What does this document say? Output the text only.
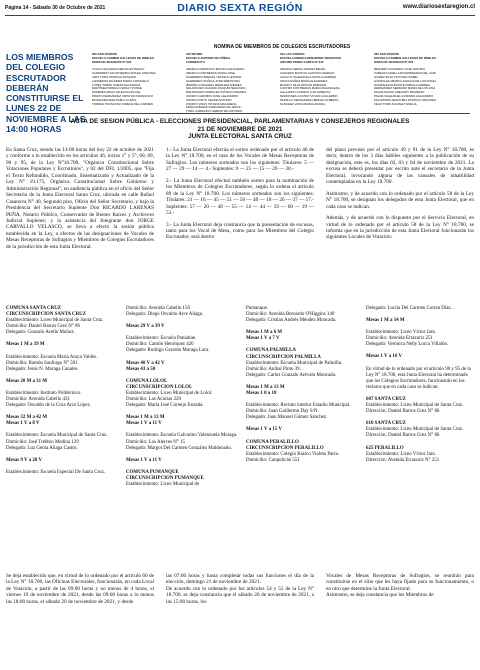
Página 14 - Sábado 30 de Octubre de 2021	DIARIO SEXTA REGIÓN	www.diariosextaregion.cl
NOMINA DE MIEMBROS DE COLEGIOS ESCRUTADORES
LOS MIEMBROS DEL COLEGIO ESCRUTADOR DEBERÁN CONSTITUIRSE EL LUNES 22 DE NOVIEMBRE A LAS 14:00 HORAS
005 SAN VICENTE
ESCUELA CARMEN GALLEGOS DE ROBLES
HORACIO ARANGUIZ Nº 600
COLLIO AHUMADA MELISA ESTEFANY
GUERRERO SALVATIERRA NATALIE STEFANIA
JARA TORO PATRICIA ROSARIO
LANDEROS FAÚNDEZ MARÍA CONSUELO
LÓPEZ TOBAR SAMANTHA KARINA
MARTÍNEZ PARRAO NADIA YVONNE
PAREDES ARIAS VALESCA NICOLE
PRIETO FERNÁNDEZ CRISTIAN FRANCISCO
RIVERA BELMAR PABLO ALEXIS
TORRES TRONCOSO XIMENA DEL CARMEN
015 PEUMO
ESCUELA ANTONIO DE ZÚÑIGA
CARMEN Nº 9
ABARCA CARRASCO MATIAS ALEJANDRO
ABARCA CONTRERAS MARIA JOSE
GUERRERO ARENAS YESSICA LEONOR
GUERRERO ZUÑIGA JOSE SEBASTIAN
IBARRA CONGUERA ABRAHAM ANDRES
MALDONADO INAGMA JOAQUIN SEGUNDO
MALDONADO MORALES PATRICIO ANDRES
OSORIO GARRIDO JOSE ALEJANDRO
OSORIO PINTO FELIPE ANTONIO
OSORIO VIDAS TATIANA MACARENA
PEÑA ROBLEDO FERNANDO DE JESUS
TORO CARRASCO SEBASTIAN ANTONIO
021 LAS CABRAS
ESCUELA REBECA IRIBARREN TRONCOSO
ARTURO PEREZ CANTO Nº 640
ABARCA CERDA JAVIERA BELEN
ACEVEDO BUSTOS GUSTAVO HERNAN
AGUAYO VALENZUELA NATALIA ANDREA
ARAYA NUÑEZ MARIA ALEJANDRA
BLANCO SILVA EDISON ENRIQUE
CASTRO CONTRERAS MARIA MAGDALENA
GALLARDO GUZMAN LUIS ALBERTO
MARDONES CASTRO VIVIAN GUILLERMO
MURILLO HERNANDEZ HERNAN ALBERTO
SANCHEZ VANN ANANIA ANAINA
025 SAN VICENTE
ESCUELA CARMEN GALLEGOS DE ROBLES
HORACIO ARANGUIZ Nº 600
BERARDI GUAJARDO JOSE ARTURO
CABEZAS ORELLANA ESPERANZA DEL CARI
GOMEZ SILVA VICTORIA ISABEL
GONZALEZ ABARCA IGNACIA DE LOS ANGEL
GONZALEZ RUMANTE FABIOLA ANDREA
HERNANDEZ SERRANO MARIA DE LOS ANG
PALMA PALMA GREGORY BRANDON
PALMA VALENZUELA ANDRES ALEJANDRO
PALOMINOS ARANCIBIA PATRICIO ORLANDO
VELIZ TORO SCARLET NOELIA
ACTA DE SESION PÚBLICA - ELECCIONES PRESIDENCIAL, PARLAMENTARIAS Y CONSEJEROS REGIONALES
21 DE NOVIEMBRE DE 2021
JUNTA ELECTORAL SANTA CRUZ

En Santa Cruz, siendo las 14:00 horas del hoy 22 de octubre de 2021 y conforme a lo establecido en los artículos 46, inciso 1° y 5°, 60, 89, 90 y 95, de la Ley N°18.700, "Orgánica Constitucional Sobre Votaciones Populares y Escrutinios", y 82 del DFL 1/2005, que "Fija el Texto Refundido, Coordinado, Sistematizado y Actualizado de la Ley N° 19.175, Orgánica Constitucional Sobre Gobierno y Administración Regional", en audiencia pública en el oficio del Señor Secretario de la Junta Electoral Santa Cruz, ubicada en calle Rafael Casanova N° 40, Segundo piso, Oficio del Señor Secretario, y bajo la Presidencia del Secretario Suplente Don RICARDO LARENAS PEÑA, Notario Público, Conservador de Bienes Raíces y Archivero Judicial Suplente; y la asistencia del Integrante don JORGE CARVALLO VELASCO, se lleva a efecto la sesión pública establecida en la Ley, a efectos de las designaciones de Vocales de Mesas Receptoras de Sufragios y Miembros de Colegios Escrutadores de la jurisdicción de esta Junta Electoral.

1.- La Junta Electoral efectúa el sorteo ordenado por el artículo 46 de la Ley N° 18.700, en el caso de los Vocales de Mesas Receptoras de Sufragios. Los números sorteados son los siguientes: Titulares: 5 — 27 — 29 — 14 — 4.- Suplentes: 9 — 25 — 15 — 20 — 30.-

2.- La Junta Electoral efectuó también sorteo para la nominación de los Miembros de Colegios Escrutadores, según lo ordena el artículo 89 de la Ley N° 18.700. Los números sorteados son los siguientes: Titulares: 21 — 16 — 45 — 51 — 56 — 40 — 18 — 26 — 37 — 17.- Suplentes: 57 — 20 — 48 — 55 — 14 — 44 — 59 — 60 — 19 — 53.-

3.- La Junta Electoral deja constancia que la presentación de excusas, tanto para los Vocal de Mesa, como para los Miembros del Colegio Escrutador, será dentro

del plazo previsto por el artículo 49 y 91 de la Ley N° 18.700, es decir, dentro de los 3 días hábiles siguientes a la publicación de su designación, esto es, los días 02, 03 y 04 de noviembre de 2021. La excusa se deberá presentar por escrito ante el secretario de la Junta Electoral, invocando alguna de las causales de inhabilidad contempladas en la Ley 18.700.

Asimismo, y de acuerdo con lo ordenado por el artículo 58 de la Ley N° 18.700, se designan los delegados de esta Junta Electoral, que en cada caso se indican.

Además, y de acuerdo con lo dispuesto por el Servicio Electoral, en virtud de lo ordenado por el artículo 58 de la Ley N° 18.700, se informa que en la jurisdicción de esta Junta Electoral funcionarán los siguientes Locales de Votación:

COMUNA SANTA CRUZ
CIRCUNSCRIPCION SANTA CRUZ
Establecimiento: Liceo Municipal de Santa Cruz.
Domicilio: Daniel Barros Grez N° 86
Delegado: Gonzalo Avello Muñoz.
Mesas 1 M a 19 M
Establecimiento: Escuela María Araya Valdés.
Domicilio: Ramón Sanfurgo N° 581
Delegado: Jesús N. Moraga Canales.
Mesas 20 M a 31 M
Establecimiento: Instituto Politécnico.
Domicilio: Avenida Cabello 431
Delegado: Osvaldo de la Cruz Arce López.
Mesas 32 M a 42 M
Mesas 1 V a 8 V
Establecimiento: Escuela Municipal de Santa Cruz.
Domicilio: José Trebbio Medina 129
Delegado: Luz Gema Aliaga Castro.
Mesas 9 V a 28 V
Establecimiento: Escuela Especial De Santa Cruz.
Domicilio: Avenida Cabello 150
Delegado: Diego Osvaldo Arce Aliaga.
Mesas 29 V a 39 V
Establecimiento: Escuela Paniahue.
Domicilio: Camilo Henríquez 426
Delegado: Rodrigo Gerardo Moraga Lara.
Mesas 40 V a 42 V
Mesas 43 a 50
COMUNA LOLOL
CIRCUNSCRIPCION LOLOL
Establecimiento: Liceo Municipal de Lolol.
Domicilio: Las Acacias 220
Delegado: María José Cornejo Estrada.
Mesas 1 M a 13 M
Mesas 1 V a 11 V
Establecimiento: Escuela Galvarino Valenzuela Moraga.
Domicilio: Los Alerces N° 15
Delegado: Margot Del Carmen González Maldonado.
Mesas 1 V a 11 V
COMUNA PUMANQUE
CIRCUNSCRIPCION PUMANQUE
Establecimiento: Liceo Municipal de
Pumanque.
Domicilio: Avenida Bernardo O'Higgins 140
Delegado: Cristian Andrés Méndez Moncada.
Mesas 1 M a 6 M
Mesas 1 V a 7 V
COMUNA PALMILLA
CIRCUNSCRIPCION PALMILLA
Establecimiento: Escuela Municipal de Palmilla.
Domicilio: Aníbal Pinto 39.
Delegado: Carlos Gonzalo Arévalo Moncada.
Mesas 1 M a 13 M
Mesas 1 0 a 18
Establecimiento: Recinto interior Estadio Municipal.
Domicilio: Juan Guillermo Day S/N.
Delegado: Juan Manuel Gómez Sánchez.
Mesas 1 V a 15 V
COMUNA PERALILLO
CIRCUNSCRIPCION PERALILLO
Establecimiento: Colegio Básico Violeta Parra.
Domicilio: Caupolicán 551
Delegado: Lucila Del Carmen Correa Díaz.
Mesas 1 M a 14 M
Establecimiento: Liceo Víctor Jara.
Domicilio: Avenida Errazuriz 251
Delegado: Verónica Nelly Lorca Villalón.
Mesas 1 V a 16 V
En virtud de lo ordenado por el artículo 90 y 95 de la Ley N° 18.700, esta Junta Electoral ha determinado que los Colegios Escrutadores, funcionarán en los recintos que en cada caso se indican:
607 SANTA CRUZ
Establecimiento: Liceo Municipal de Santa Cruz.
Dirección: Daniel Barros Grez N° 86
610 SANTA CRUZ
Establecimiento: Liceo Municipal de Santa Cruz.
Dirección: Daniel Barros Grez N° 86
625 PERALILLO
Establecimiento: Liceo Víctor Jara.
Dirección: Avenida Errazuriz N° 251
Se deja establecido que, en virtud de lo ordenado por el artículo 60 de la Ley N° 18.700, las Oficinas Electorales, funcionarán, en cada Local de Votación, a partir de las 09:00 horas y no menos de 4 horas, el viernes 19 de noviembre de 2021, desde las 09:00 horas a lo menos las 18:00 horas, el sábado 20 de noviembre de 2021, y desde
las 07:00 horas y hasta completar todas sus funciones el día de la elección, domingo 21 de noviembre de 2021.
De acuerdo con lo ordenado por los artículos 54 y 55 de la Ley N° 18.700, se deja constancia que el sábado 20 de noviembre de 2021, a las 15:00 horas, los
Vocales de Mesas Receptoras de Sufragios, se reunirán para constituirse en el sitio que les haya fijado para su funcionamiento, o en otro que determine la Junta Electoral.
Asimismo, se deja constancia que los Miembros de
